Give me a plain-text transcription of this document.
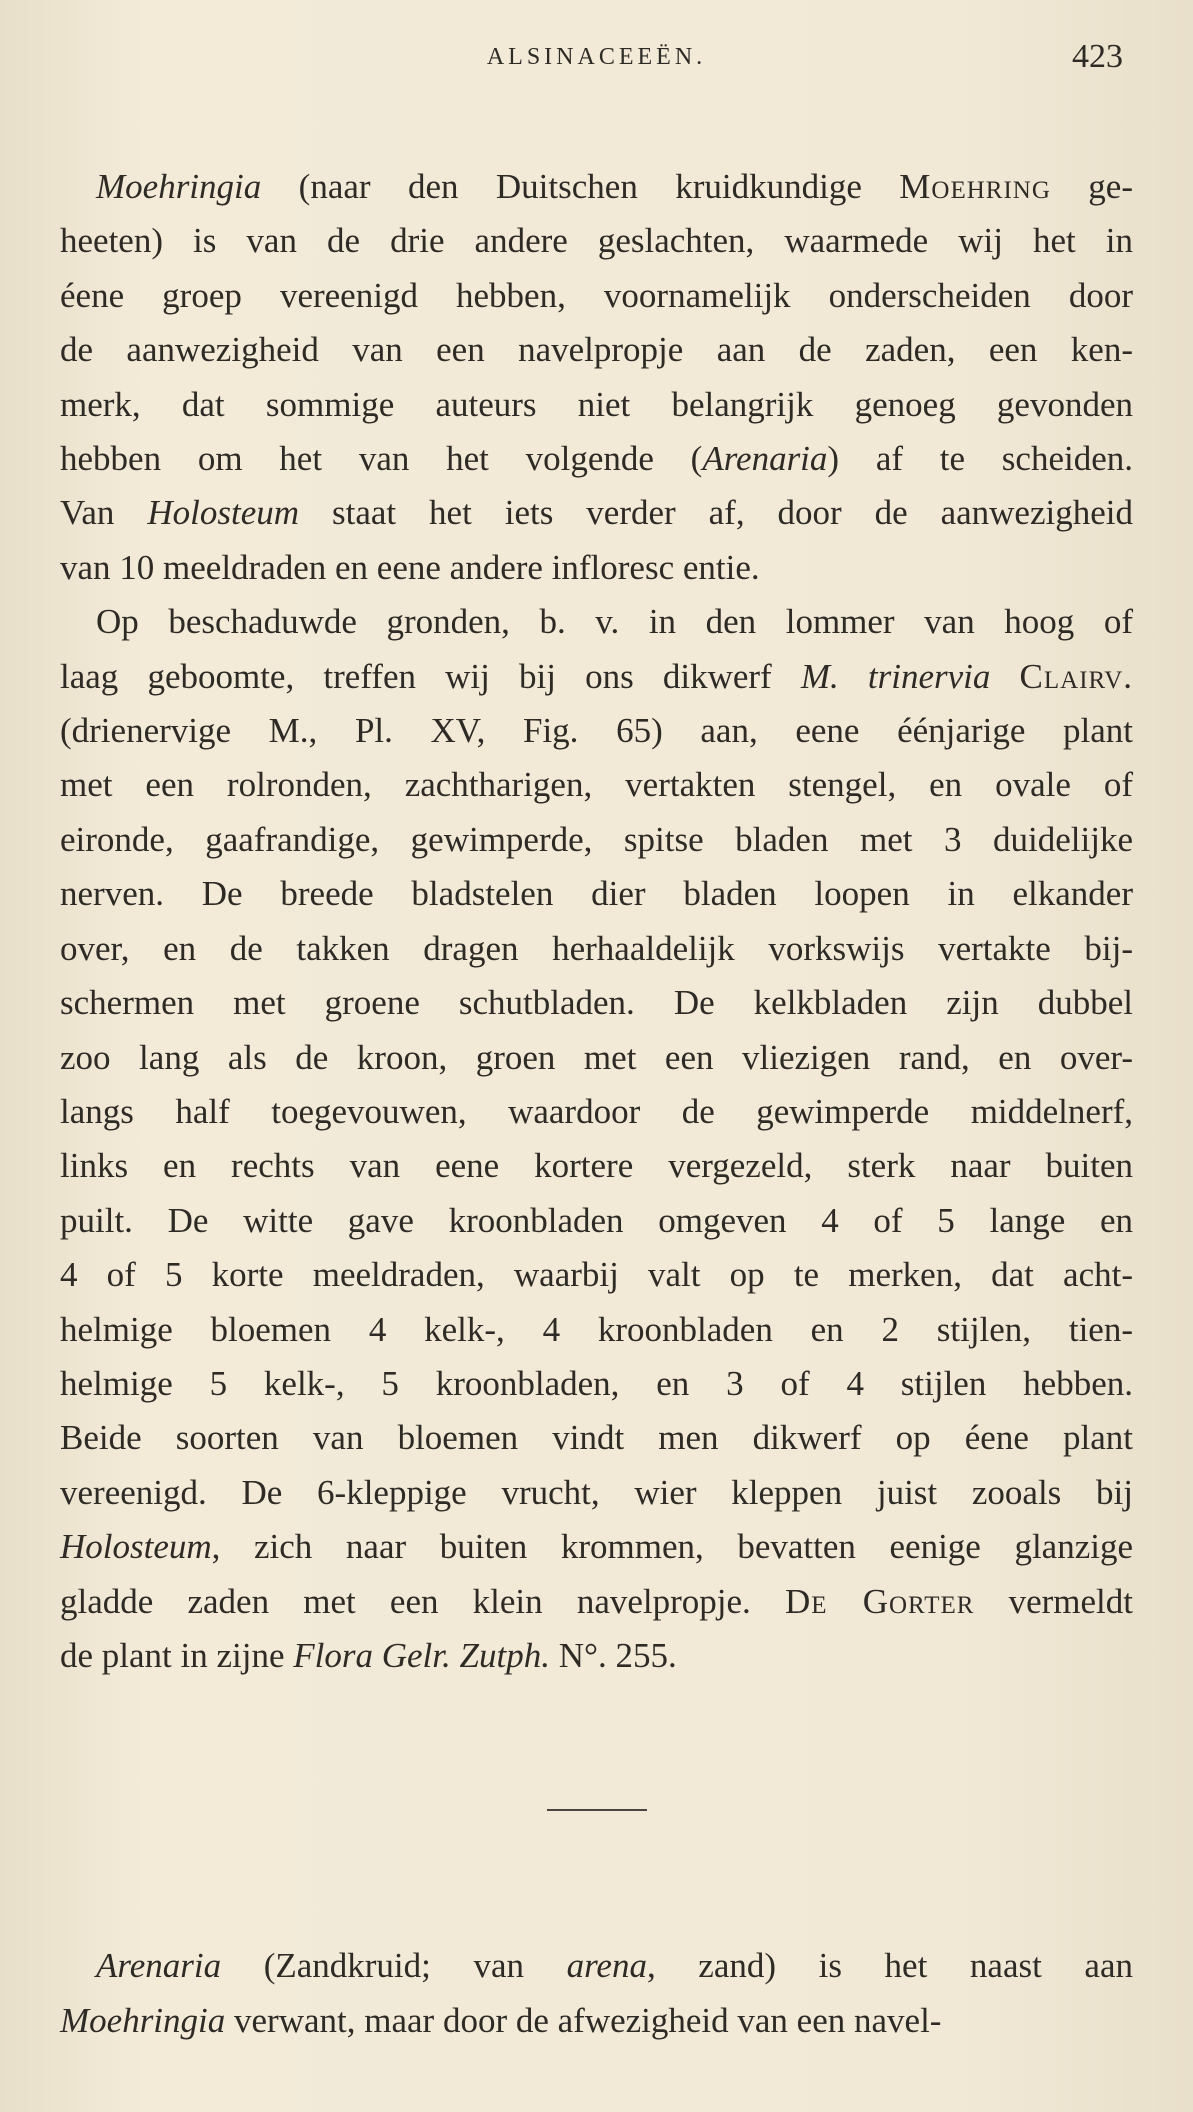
ALSINACEEËN.	423

Moehringia (naar den Duitschen kruidkundige Moehring ge-
heeten) is van de drie andere geslachten, waarmede wij het in
éene groep vereenigd hebben, voornamelijk onderscheiden door
de aanwezigheid van een navelpropje aan de zaden, een ken-
merk, dat sommige auteurs niet belangrijk genoeg gevonden
hebben om het van het volgende (Arenaria) af te scheiden.
Van Holosteum staat het iets verder af, door de aanwezigheid
van 10 meeldraden en eene andere infloresc entie.

Op beschaduwde gronden, b. v. in den lommer van hoog of
laag geboomte, treffen wij bij ons dikwerf M. trinervia Clairv.
(drienervige M., Pl. XV, Fig. 65) aan, eene éénjarige plant
met een rolronden, zachtharigen, vertakten stengel, en ovale of
eironde, gaafrandige, gewimperde, spitse bladen met 3 duidelijke
nerven. De breede bladstelen dier bladen loopen in elkander
over, en de takken dragen herhaaldelijk vorkswijs vertakte bij-
schermen met groene schutbladen. De kelkbladen zijn dubbel
zoo lang als de kroon, groen met een vliezigen rand, en over-
langs half toegevouwen, waardoor de gewimperde middelnerf,
links en rechts van eene kortere vergezeld, sterk naar buiten
puilt. De witte gave kroonbladen omgeven 4 of 5 lange en
4 of 5 korte meeldraden, waarbij valt op te merken, dat acht-
helmige bloemen 4 kelk-, 4 kroonbladen en 2 stijlen, tien-
helmige 5 kelk-, 5 kroonbladen, en 3 of 4 stijlen hebben.
Beide soorten van bloemen vindt men dikwerf op éene plant
vereenigd. De 6-kleppige vrucht, wier kleppen juist zooals bij
Holosteum, zich naar buiten krommen, bevatten eenige glanzige
gladde zaden met een klein navelpropje. De Gorter vermeldt
de plant in zijne Flora Gelr. Zutph. N°. 255.

Arenaria (Zandkruid; van arena, zand) is het naast aan
Moehringia verwant, maar door de afwezigheid van een navel-
